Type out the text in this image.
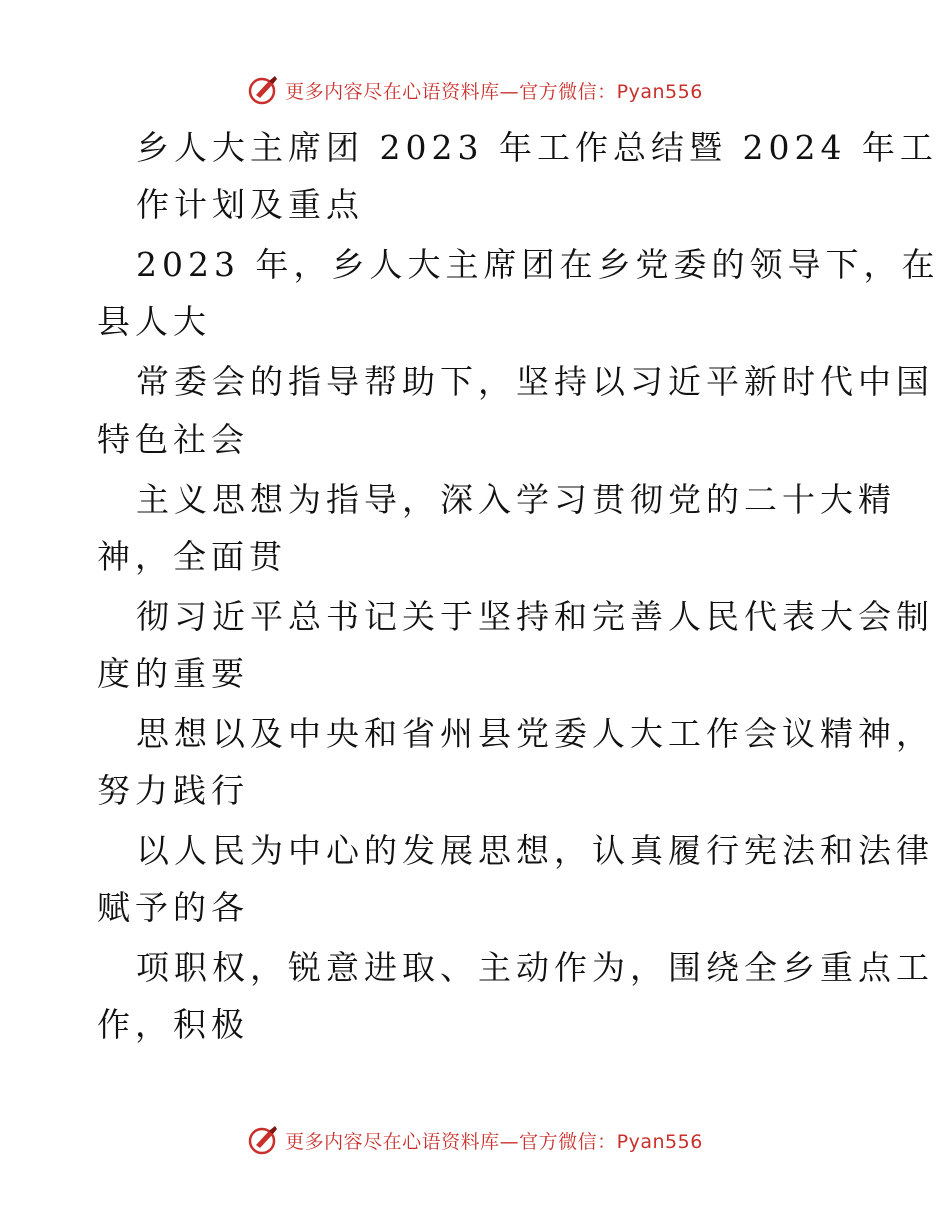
更多内容尽在心语资料库—官方微信：Pyan556
乡人大主席团 2023 年工作总结暨 2024 年工
作计划及重点
2023 年，乡人大主席团在乡党委的领导下，在
县人大
常委会的指导帮助下，坚持以习近平新时代中国
特色社会
主义思想为指导，深入学习贯彻党的二十大精
神，全面贯
彻习近平总书记关于坚持和完善人民代表大会制
度的重要
思想以及中央和省州县党委人大工作会议精神，
努力践行
以人民为中心的发展思想，认真履行宪法和法律
赋予的各
项职权，锐意进取、主动作为，围绕全乡重点工
作，积极
更多内容尽在心语资料库—官方微信：Pyan556
